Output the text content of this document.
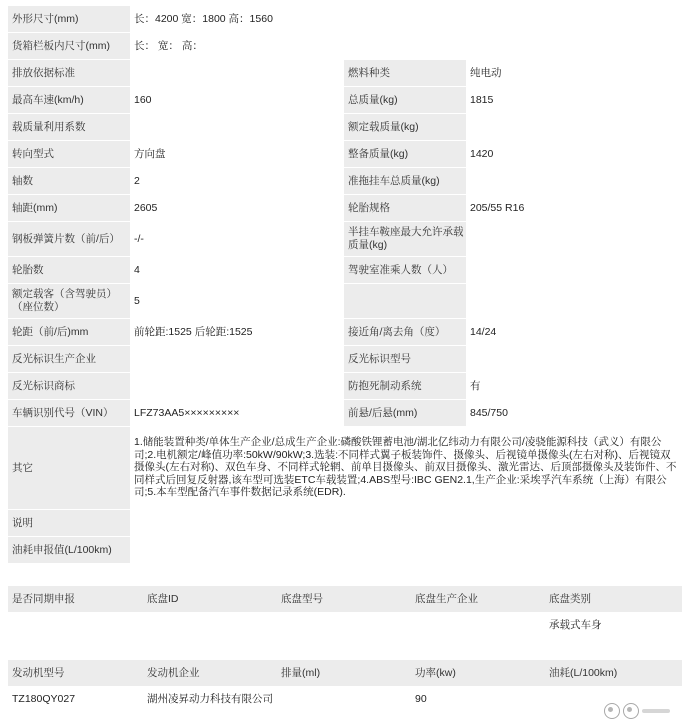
外形尺寸(mm)	长：4200 宽：1800 高：1560		
货箱栏板内尺寸(mm)	长： 宽： 高：		
排放依据标准		燃料种类	纯电动
最高车速(km/h)	160	总质量(kg)	1815
载质量利用系数		额定载质量(kg)	
转向型式	方向盘	整备质量(kg)	1420
轴数	2	准拖挂车总质量(kg)	
轴距(mm)	2605	轮胎规格	205/55 R16
钢板弹簧片数（前/后）	-/-	半挂车鞍座最大允许承载质量(kg)	
轮胎数	4	驾驶室准乘人数（人）	
额定载客（含驾驶员）（座位数）	5		
轮距（前/后)mm	前轮距:1525 后轮距:1525	接近角/离去角（度）	14/24
反光标识生产企业		反光标识型号	
反光标识商标		防抱死制动系统	有
车辆识别代号（VIN）	LFZ73AA5×××××××××	前悬/后悬(mm)	845/750
其它	1.储能装置种类/单体生产企业/总成生产企业:磷酸铁锂蓄电池/湖北亿纬动力有限公司/凌骁能源科技（武义）有限公司;2.电机额定/峰值功率:50kW/90kW;3.选装:不同样式翼子板装饰件、摄像头、后视镜单摄像头(左右对称)、后视镜双摄像头(左右对称)、双色车身、不同样式轮辋、前单目摄像头、前双目摄像头、激光雷达、后顶部摄像头及装饰件、不同样式后回复反射器,该车型可选装ETC车载装置;4.ABS型号:IBC GEN2.1,生产企业:采埃孚汽车系统（上海）有限公司;5.本车型配备汽车事件数据记录系统(EDR).		
说明			
油耗申报值(L/100km)			
是否同期申报	底盘ID	底盘型号	底盘生产企业	底盘类别
				承载式车身
发动机型号	发动机企业	排量(ml)	功率(kw)	油耗(L/100km)
TZ180QY027	湖州凌昇动力科技有限公司		90	
